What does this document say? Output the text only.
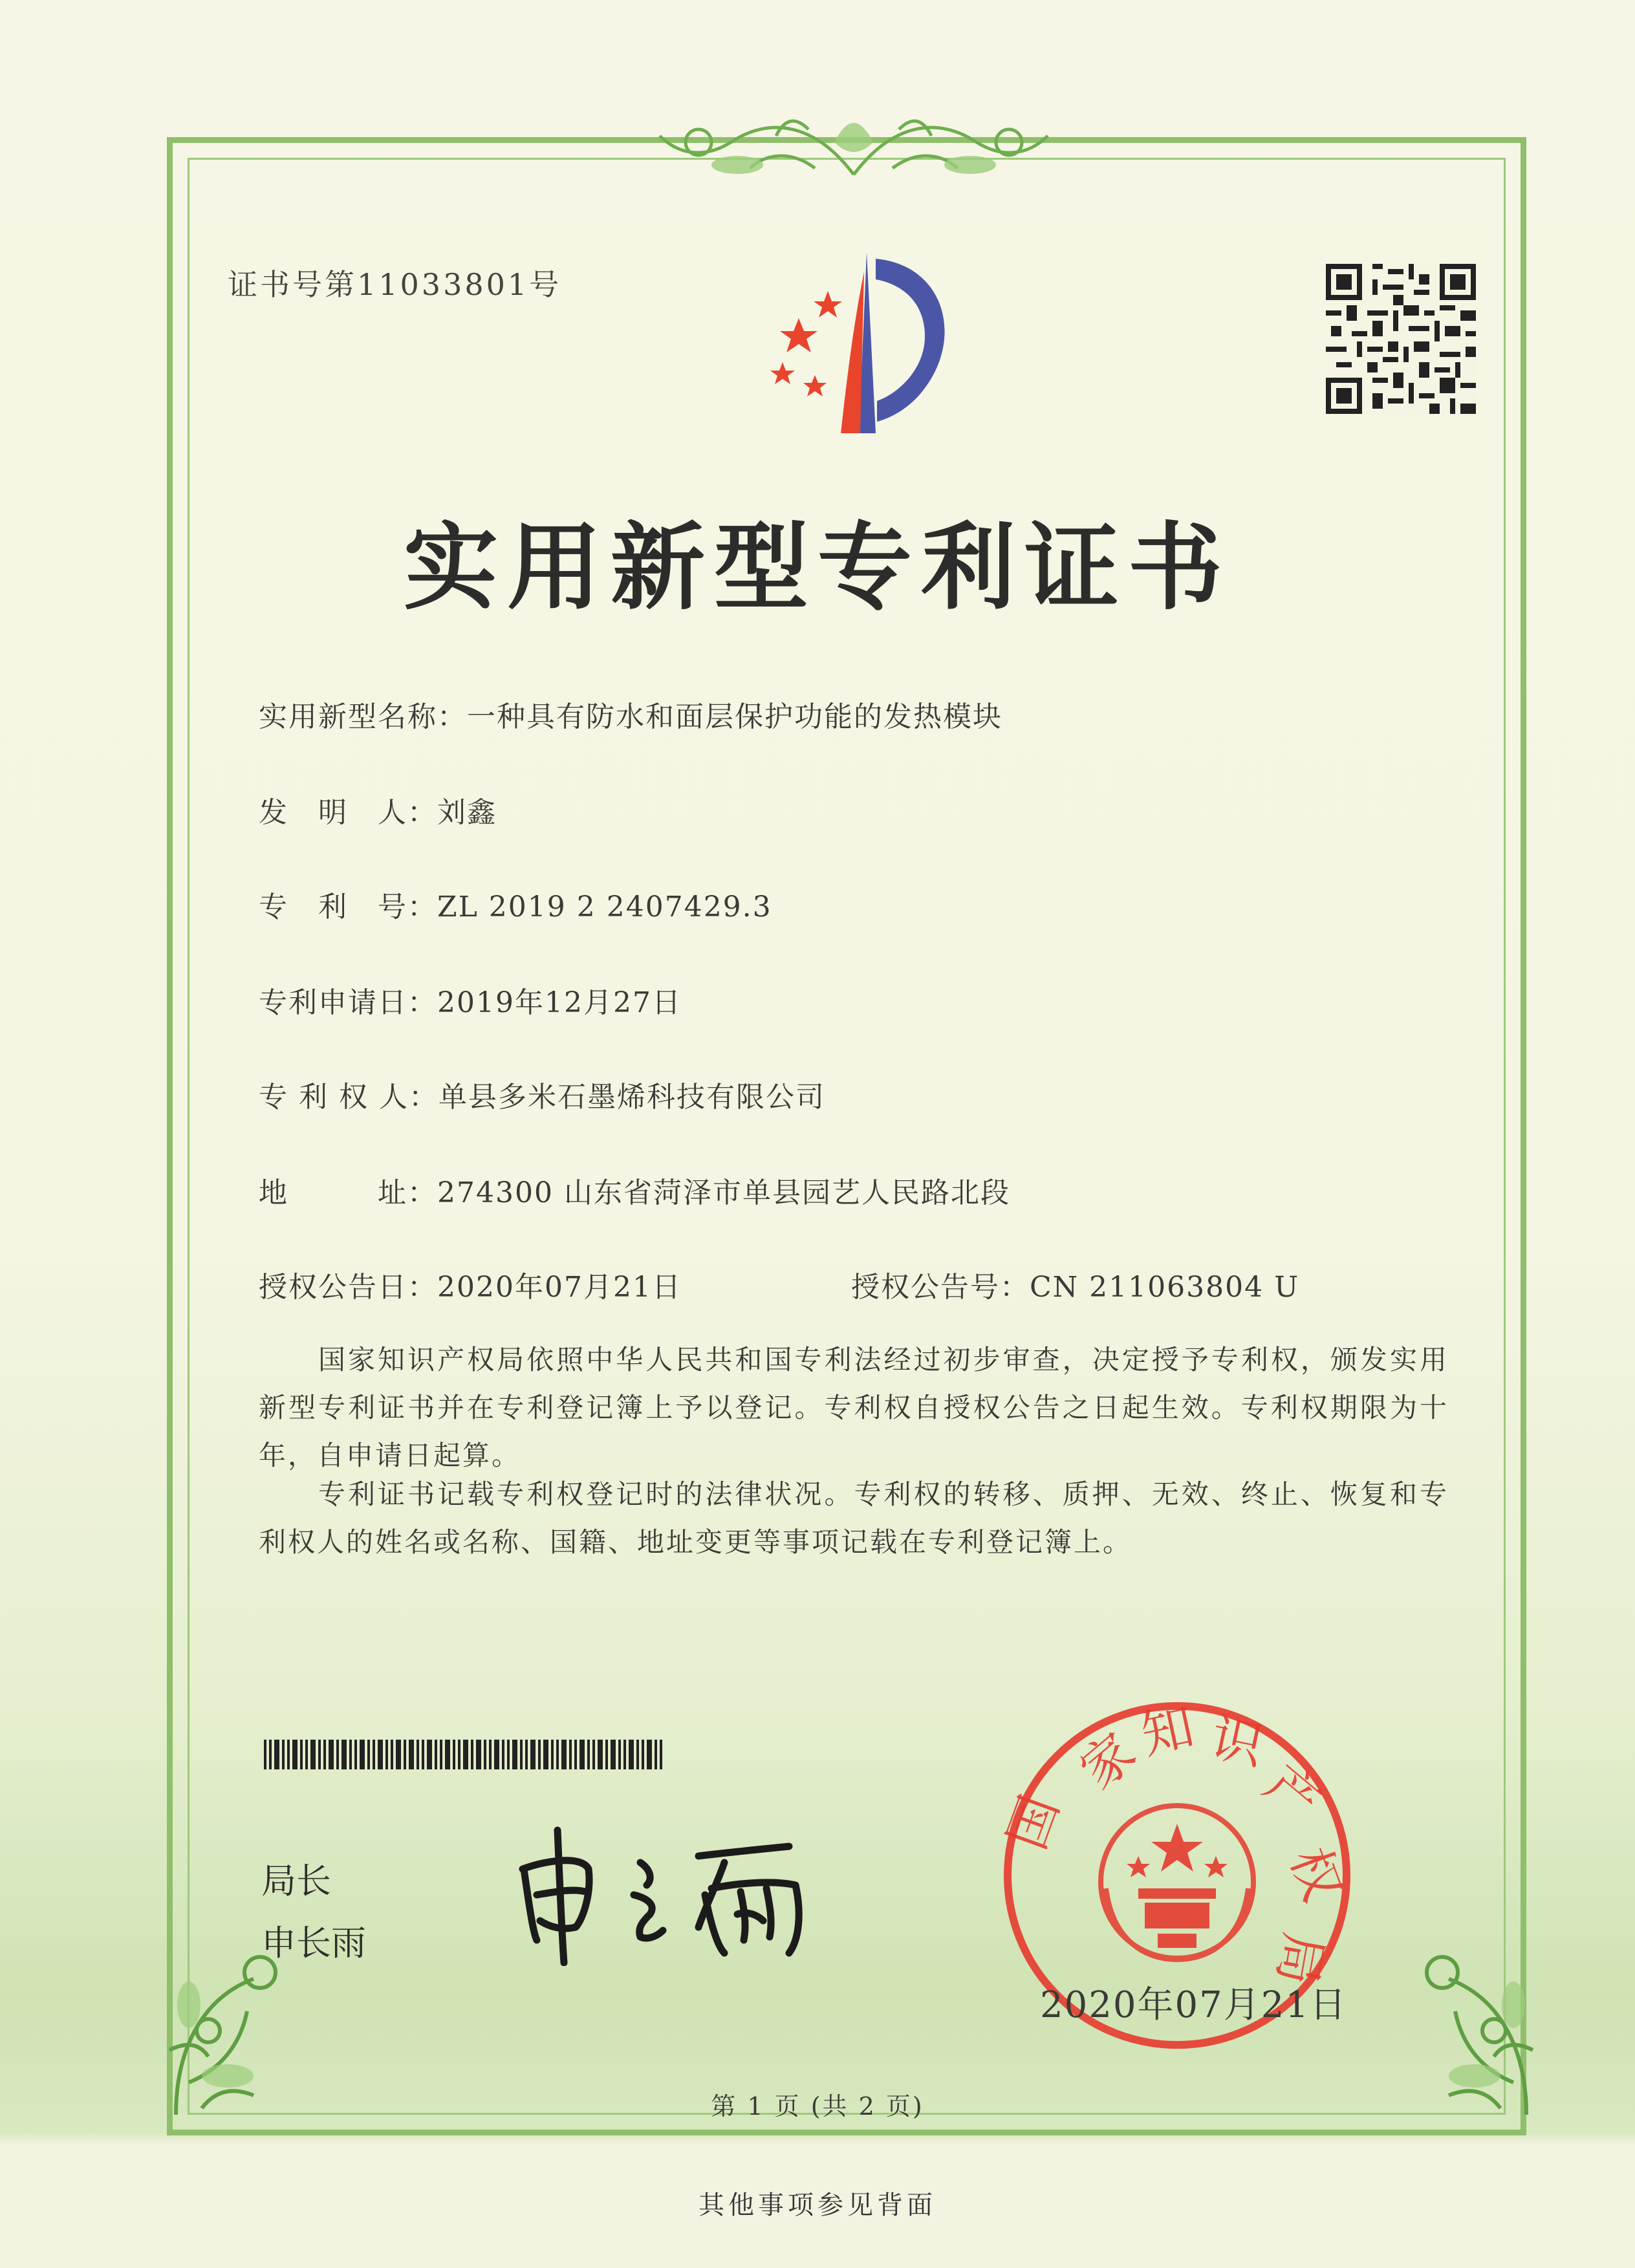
证书号第11033801号
实用新型专利证书
实用新型名称：一种具有防水和面层保护功能的发热模块
发　明　人：刘鑫
专　利　号：ZL 2019 2 2407429.3
专利申请日：2019年12月27日
专 利 权 人：单县多米石墨烯科技有限公司
地　　　址：274300 山东省菏泽市单县园艺人民路北段
授权公告日：2020年07月21日	授权公告号：CN 211063804 U
国家知识产权局依照中华人民共和国专利法经过初步审查，决定授予专利权，颁发实用新型专利证书并在专利登记簿上予以登记。专利权自授权公告之日起生效。专利权期限为十年，自申请日起算。
专利证书记载专利权登记时的法律状况。专利权的转移、质押、无效、终止、恢复和专利权人的姓名或名称、国籍、地址变更等事项记载在专利登记簿上。
局长
申长雨
家
知 识
产
权
局
国
2020年07月21日
第 1 页 (共 2 页)
其他事项参见背面
